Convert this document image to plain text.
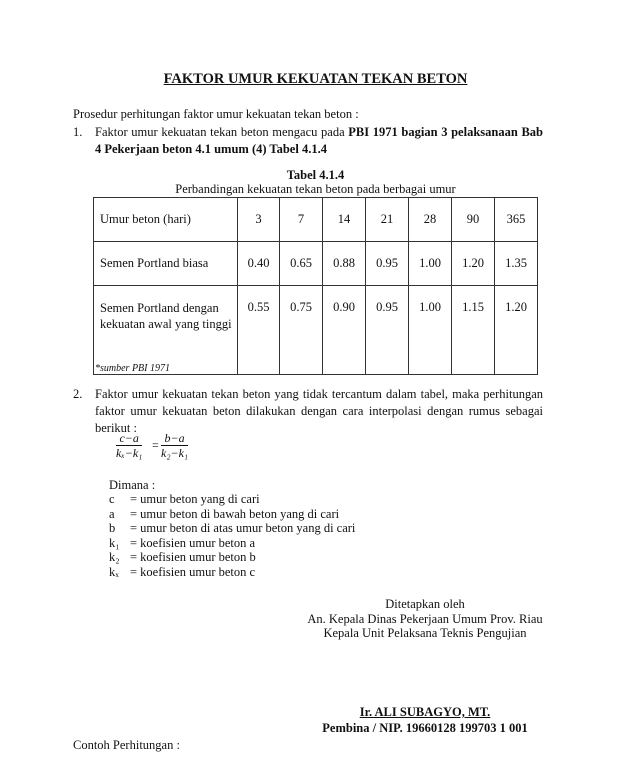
FAKTOR UMUR KEKUATAN TEKAN BETON
Prosedur perhitungan faktor umur kekuatan tekan beton :
1. Faktor umur kekuatan tekan beton mengacu pada PBI 1971 bagian 3 pelaksanaan Bab 4 Pekerjaan beton 4.1 umum (4) Tabel 4.1.4
Tabel 4.1.4
Perbandingan kekuatan tekan beton pada berbagai umur
Umur beton (hari)	3	7	14	21	28	90	365
Semen Portland biasa	0.40	0.65	0.88	0.95	1.00	1.20	1.35
Semen Portland dengan kekuatan awal yang tinggi	0.55	0.75	0.90	0.95	1.00	1.15	1.20
*sumber PBI 1971
2. Faktor umur kekuatan tekan beton yang tidak tercantum dalam tabel, maka perhitungan faktor umur kekuatan beton dilakukan dengan cara interpolasi dengan rumus sebagai berikut :
$\frac{c-a}{\text{kₓ−k₁}} = \frac{b-a}{\text{k₂−k₁}}$
Dimana :
c = umur beton yang di cari
a = umur beton di bawah beton yang di cari
b = umur beton di atas umur beton yang di cari
k₁ = koefisien umur beton a
k₂ = koefisien umur beton b
kₓ = koefisien umur beton c
Ditetapkan oleh
An. Kepala Dinas Pekerjaan Umum Prov. Riau
Kepala Unit Pelaksana Teknis Pengujian
Ir. ALI SUBAGYO, MT.
Pembina / NIP. 19660128 199703 1 001
Contoh Perhitungan :
